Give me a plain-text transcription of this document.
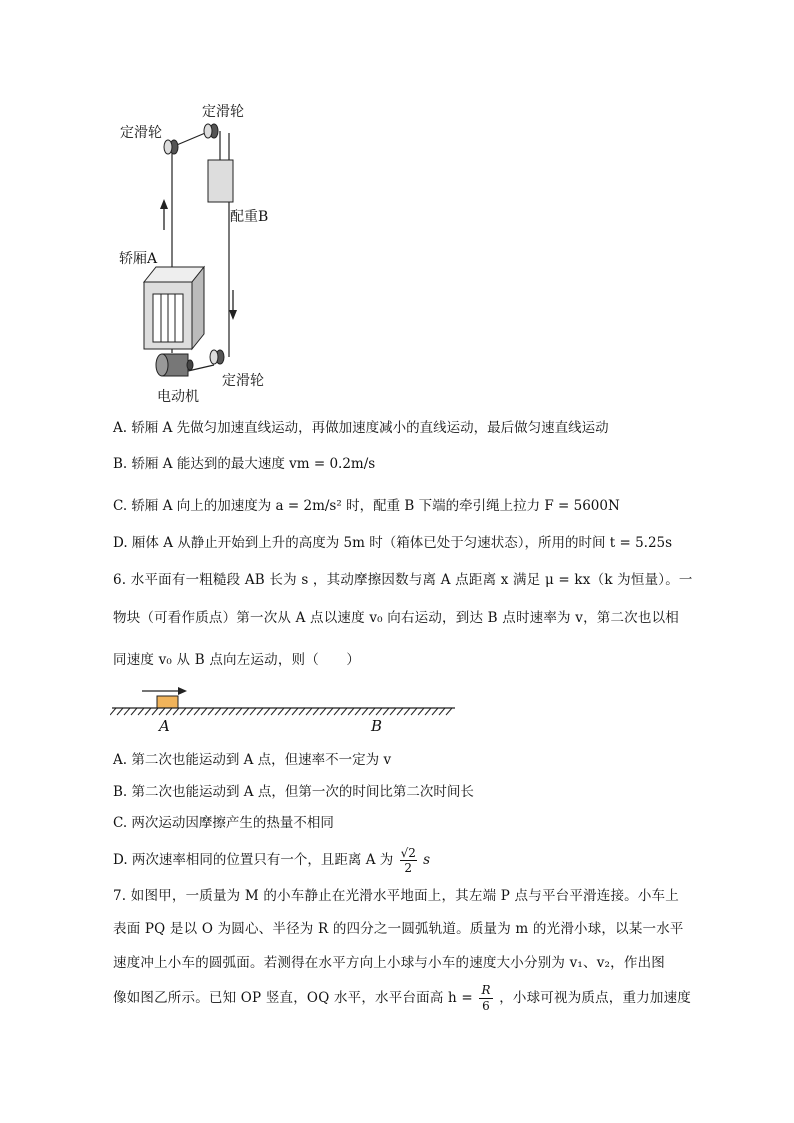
定滑轮
定滑轮
配重B
轿厢A
电动机
定滑轮
A. 轿厢 A 先做匀加速直线运动，再做加速度减小的直线运动，最后做匀速直线运动
B. 轿厢 A 能达到的最大速度 vm = 0.2m/s
C. 轿厢 A 向上的加速度为 a = 2m/s² 时，配重 B 下端的牵引绳上拉力 F = 5600N
D. 厢体 A 从静止开始到上升的高度为 5m 时（箱体已处于匀速状态），所用的时间 t = 5.25s
6. 水平面有一粗糙段 AB 长为 s ，其动摩擦因数与离 A 点距离 x 满足 μ = kx（k 为恒量）。一
物块（可看作质点）第一次从 A 点以速度 v₀ 向右运动，到达 B 点时速率为 v，第二次也以相
同速度 v₀ 从 B 点向左运动，则（　　）
A	B
A. 第二次也能运动到 A 点，但速率不一定为 v
B. 第二次也能运动到 A 点，但第一次的时间比第二次时间长
C. 两次运动因摩擦产生的热量不相同
D. 两次速率相同的位置只有一个，且距离 A 为 $\frac{√2}{2}$ s
7. 如图甲，一质量为 M 的小车静止在光滑水平地面上，其左端 P 点与平台平滑连接。小车上
表面 PQ 是以 O 为圆心、半径为 R 的四分之一圆弧轨道。质量为 m 的光滑小球，以某一水平
速度冲上小车的圆弧面。若测得在水平方向上小球与小车的速度大小分别为 v₁、v₂，作出图
像如图乙所示。已知 OP 竖直，OQ 水平，水平台面高 $h = \frac{R}{6}$ ，小球可视为质点，重力加速度
